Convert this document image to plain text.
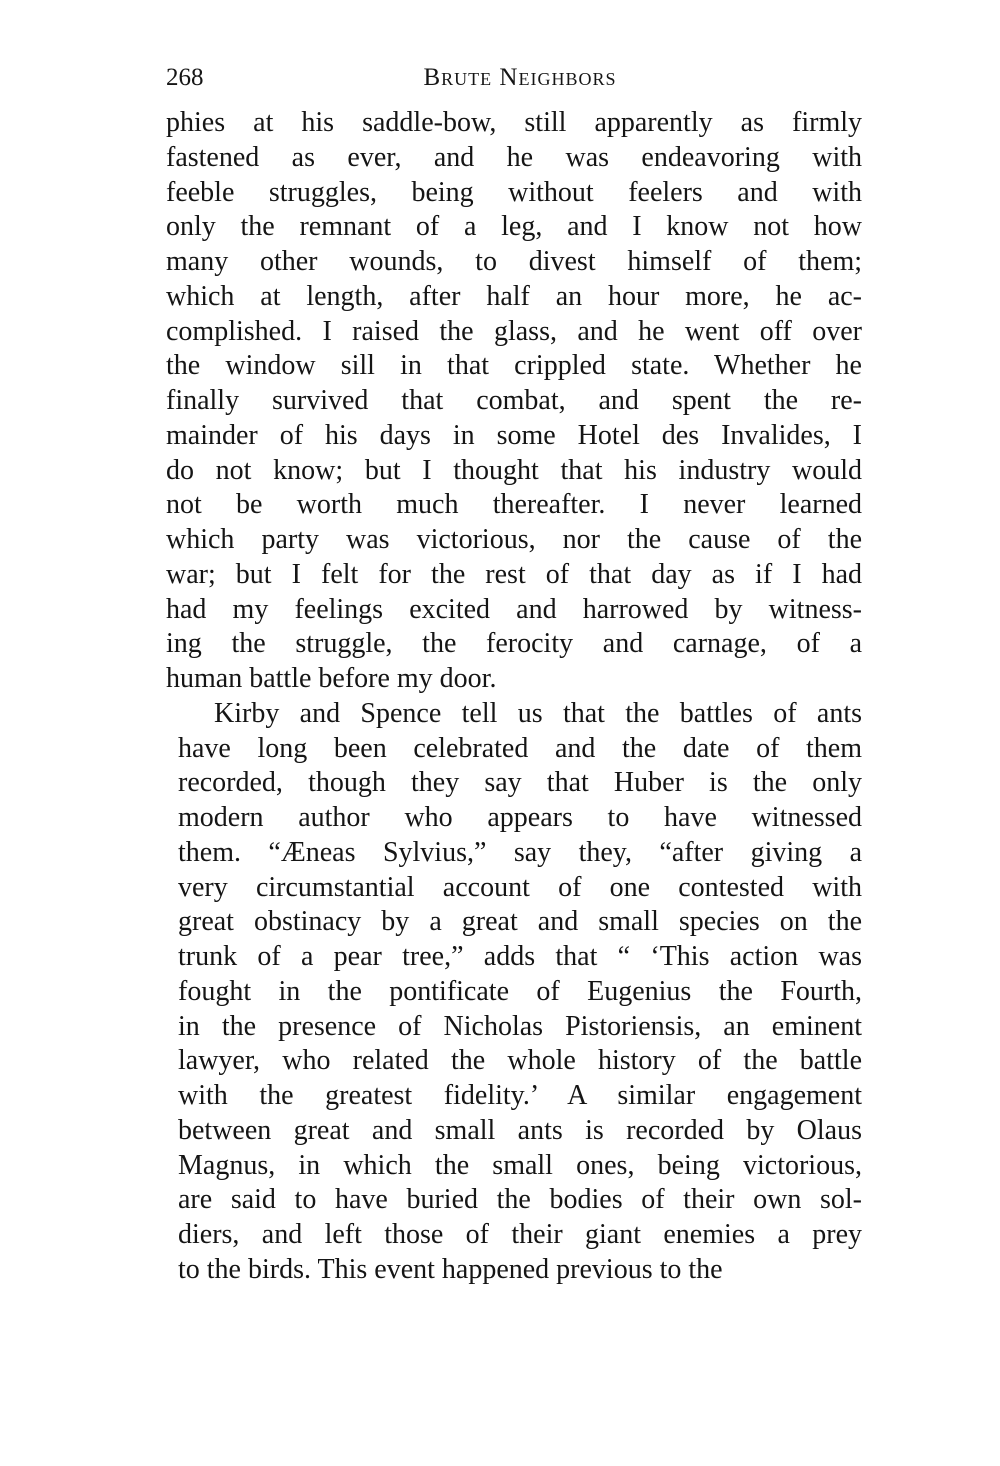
268	Brute Neighbors
phies at his saddle-bow, still apparently as firmly
fastened as ever, and he was endeavoring with
feeble struggles, being without feelers and with
only the remnant of a leg, and I know not how
many other wounds, to divest himself of them;
which at length, after half an hour more, he ac-
complished. I raised the glass, and he went off over
the window sill in that crippled state. Whether he
finally survived that combat, and spent the re-
mainder of his days in some Hotel des Invalides, I
do not know; but I thought that his industry would
not be worth much thereafter. I never learned
which party was victorious, nor the cause of the
war; but I felt for the rest of that day as if I had
had my feelings excited and harrowed by witness-
ing the struggle, the ferocity and carnage, of a
human battle before my door.
Kirby and Spence tell us that the battles of ants
have long been celebrated and the date of them
recorded, though they say that Huber is the only
modern author who appears to have witnessed
them. “Æneas Sylvius,” say they, “after giving a
very circumstantial account of one contested with
great obstinacy by a great and small species on the
trunk of a pear tree,” adds that “ ‘This action was
fought in the pontificate of Eugenius the Fourth,
in the presence of Nicholas Pistoriensis, an eminent
lawyer, who related the whole history of the battle
with the greatest fidelity.’ A similar engagement
between great and small ants is recorded by Olaus
Magnus, in which the small ones, being victorious,
are said to have buried the bodies of their own sol-
diers, and left those of their giant enemies a prey
to the birds. This event happened previous to the
